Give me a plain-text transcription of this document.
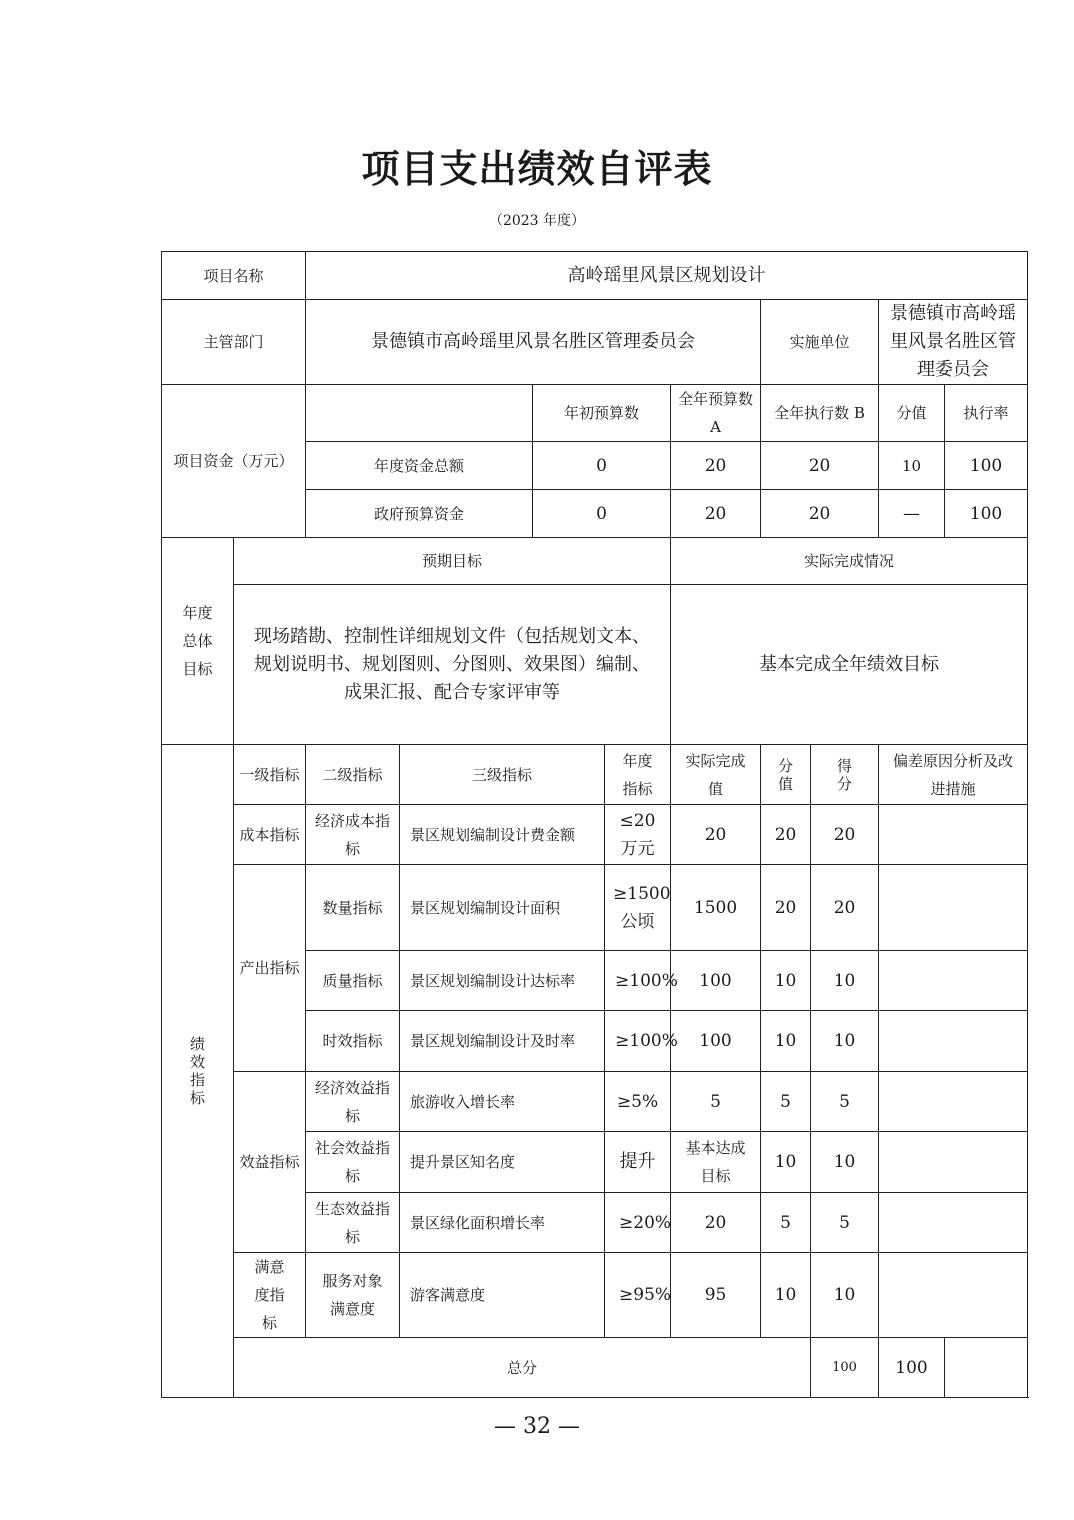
项目支出绩效自评表
（2023 年度）
项目名称		高岭瑶里风景区规划设计									
主管部门		景德镇市高岭瑶里风景名胜区管理委员会					实施单位		景德镇市高岭瑶里风景名胜区管理委员会		
项目资金（万元）				年初预算数		全年预算数 A	全年执行数 B		分值	执行率	
		年度资金总额		0		20	20		10	100	
		政府预算资金		0		20	20		—	100	
年度总体目标	预期目标					实际完成情况					
	现场踏勘、控制性详细规划文件（包括规划文本、规划说明书、规划图则、分图则、效果图）编制、成果汇报、配合专家评审等					基本完成全年绩效目标					
绩效指标	一级指标	二级指标	三级指标		年度指标	实际完成值	分值	得分	偏差原因分析及改进措施		
	成本指标	经济成本指标	景区规划编制设计费金额		≤20万元	20	20	20			
	产出指标	数量指标	景区规划编制设计面积		≥1500公顷	1500	20	20			
		质量指标	景区规划编制设计达标率		≥100%	100	10	10			
		时效指标	景区规划编制设计及时率		≥100%	100	10	10			
	效益指标	经济效益指标	旅游收入增长率		≥5%	5	5	5			
		社会效益指标	提升景区知名度		提升	基本达成目标	10	10			
		生态效益指标	景区绿化面积增长率		≥20%	20	5	5			
	满意度指标	服务对象满意度	游客满意度		≥95%	95	10	10			
	总分							100	100		
— 32 —
